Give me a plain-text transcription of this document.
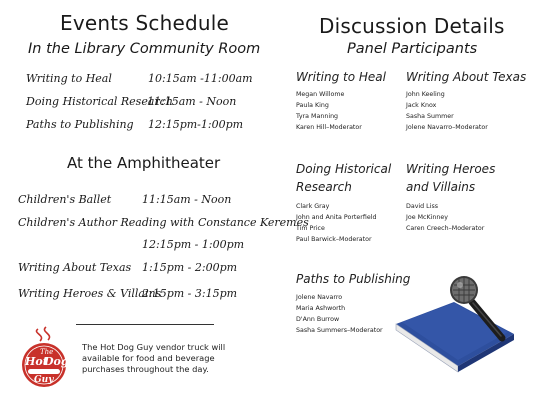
Events Schedule
In the Library Community Room
Writing to Heal	10:15am -11:00am
Doing Historical Research
11:15am - Noon
Paths to Publishing 12:15pm-1:00pm
At the Amphitheater
Children's Ballet	11:15am - Noon
Children's Author Reading with Constance Keremes
12:15pm - 1:00pm
Writing About Texas 1:15pm - 2:00pm
Writing Heroes & Villains
2:15pm - 3:15pm
The
Hot
Dog
Guy
The Hot Dog Guy vendor truck will available for food and beverage purchases throughout the day.
Discussion Details
Panel Participants
Writing to Heal
Megan Willome
Paula King
Tyra Manning
Karen Hill–Moderator
Writing About Texas
John Keeling
Jack Knox
Sasha Summer
Jolene Navarro–Moderator
Doing Historical
Research
Clark Gray
John and Anita Porterfield
Tim Price
Paul Barwick–Moderator
Writing Heroes
and Villains
David Liss
Joe McKinney
Caren Creech–Moderator
Paths to Publishing
Jolene Navarro
Maria Ashworth
D'Ann Burrow
Sasha Summers–Moderator
